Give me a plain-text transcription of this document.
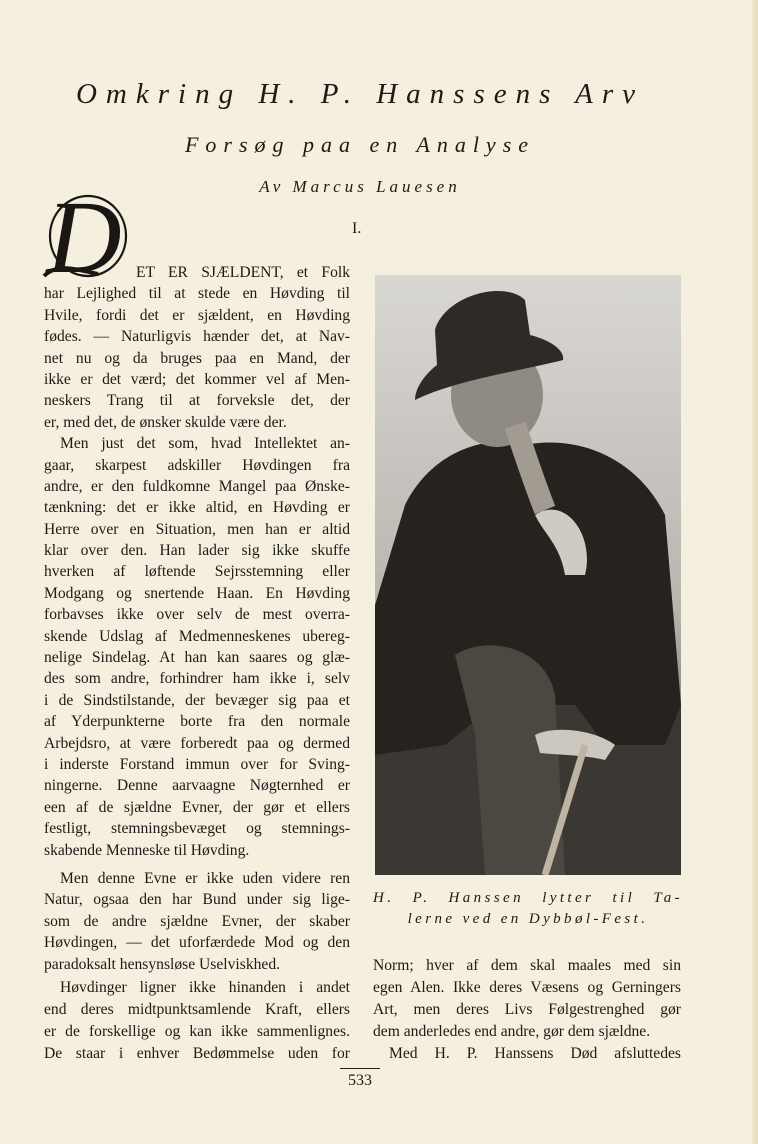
Omkring H. P. Hanssens Arv
Forsøg paa en Analyse
Av Marcus Lauesen
I.
D ET ER SJÆLDENT, et Folk
har Lejlighed til at stede en Høvding til
Hvile, fordi det er sjældent, en Høvding
fødes. — Naturligvis hænder det, at Nav-
net nu og da bruges paa en Mand, der
ikke er det værd; det kommer vel af Men-
neskers Trang til at forveksle det, der
er, med det, de ønsker skulde være der.
Men just det som, hvad Intellektet an-
gaar, skarpest adskiller Høvdingen fra
andre, er den fuldkomne Mangel paa Ønske-
tænkning: det er ikke altid, en Høvding er
Herre over en Situation, men han er altid
klar over den. Han lader sig ikke skuffe
hverken af løftende Sejrsstemning eller
Modgang og snertende Haan. En Høvding
forbavses ikke over selv de mest overra-
skende Udslag af Medmenneskenes ubereg-
nelige Sindelag. At han kan saares og glæ-
des som andre, forhindrer ham ikke i, selv
i de Sindstilstande, der bevæger sig paa et
af Yderpunkterne borte fra den normale
Arbejdsro, at være forberedt paa og dermed
i inderste Forstand immun over for Sving-
ningerne. Denne aarvaagne Nøgternhed er
een af de sjældne Evner, der gør et ellers
festligt, stemningsbevæget og stemnings-
skabende Menneske til Høvding.
Men denne Evne er ikke uden videre ren
Natur, ogsaa den har Bund under sig lige-
som de andre sjældne Evner, der skaber
Høvdingen, — det uforfærdede Mod og den
paradoksalt hensynsløse Uselviskhed.
Høvdinger ligner ikke hinanden i andet
end deres midtpunktsamlende Kraft, ellers
er de forskellige og kan ikke sammenlignes.
De staar i enhver Bedømmelse uden for
H. P. Hanssen lytter til Ta-
lerne ved en Dybbøl-Fest.
Norm; hver af dem skal maales med sin
egen Alen. Ikke deres Væsens og Gerningers
Art, men deres Livs Følgestrenghed gør
dem anderledes end andre, gør dem sjældne.
Med H. P. Hanssens Død afsluttedes
533
